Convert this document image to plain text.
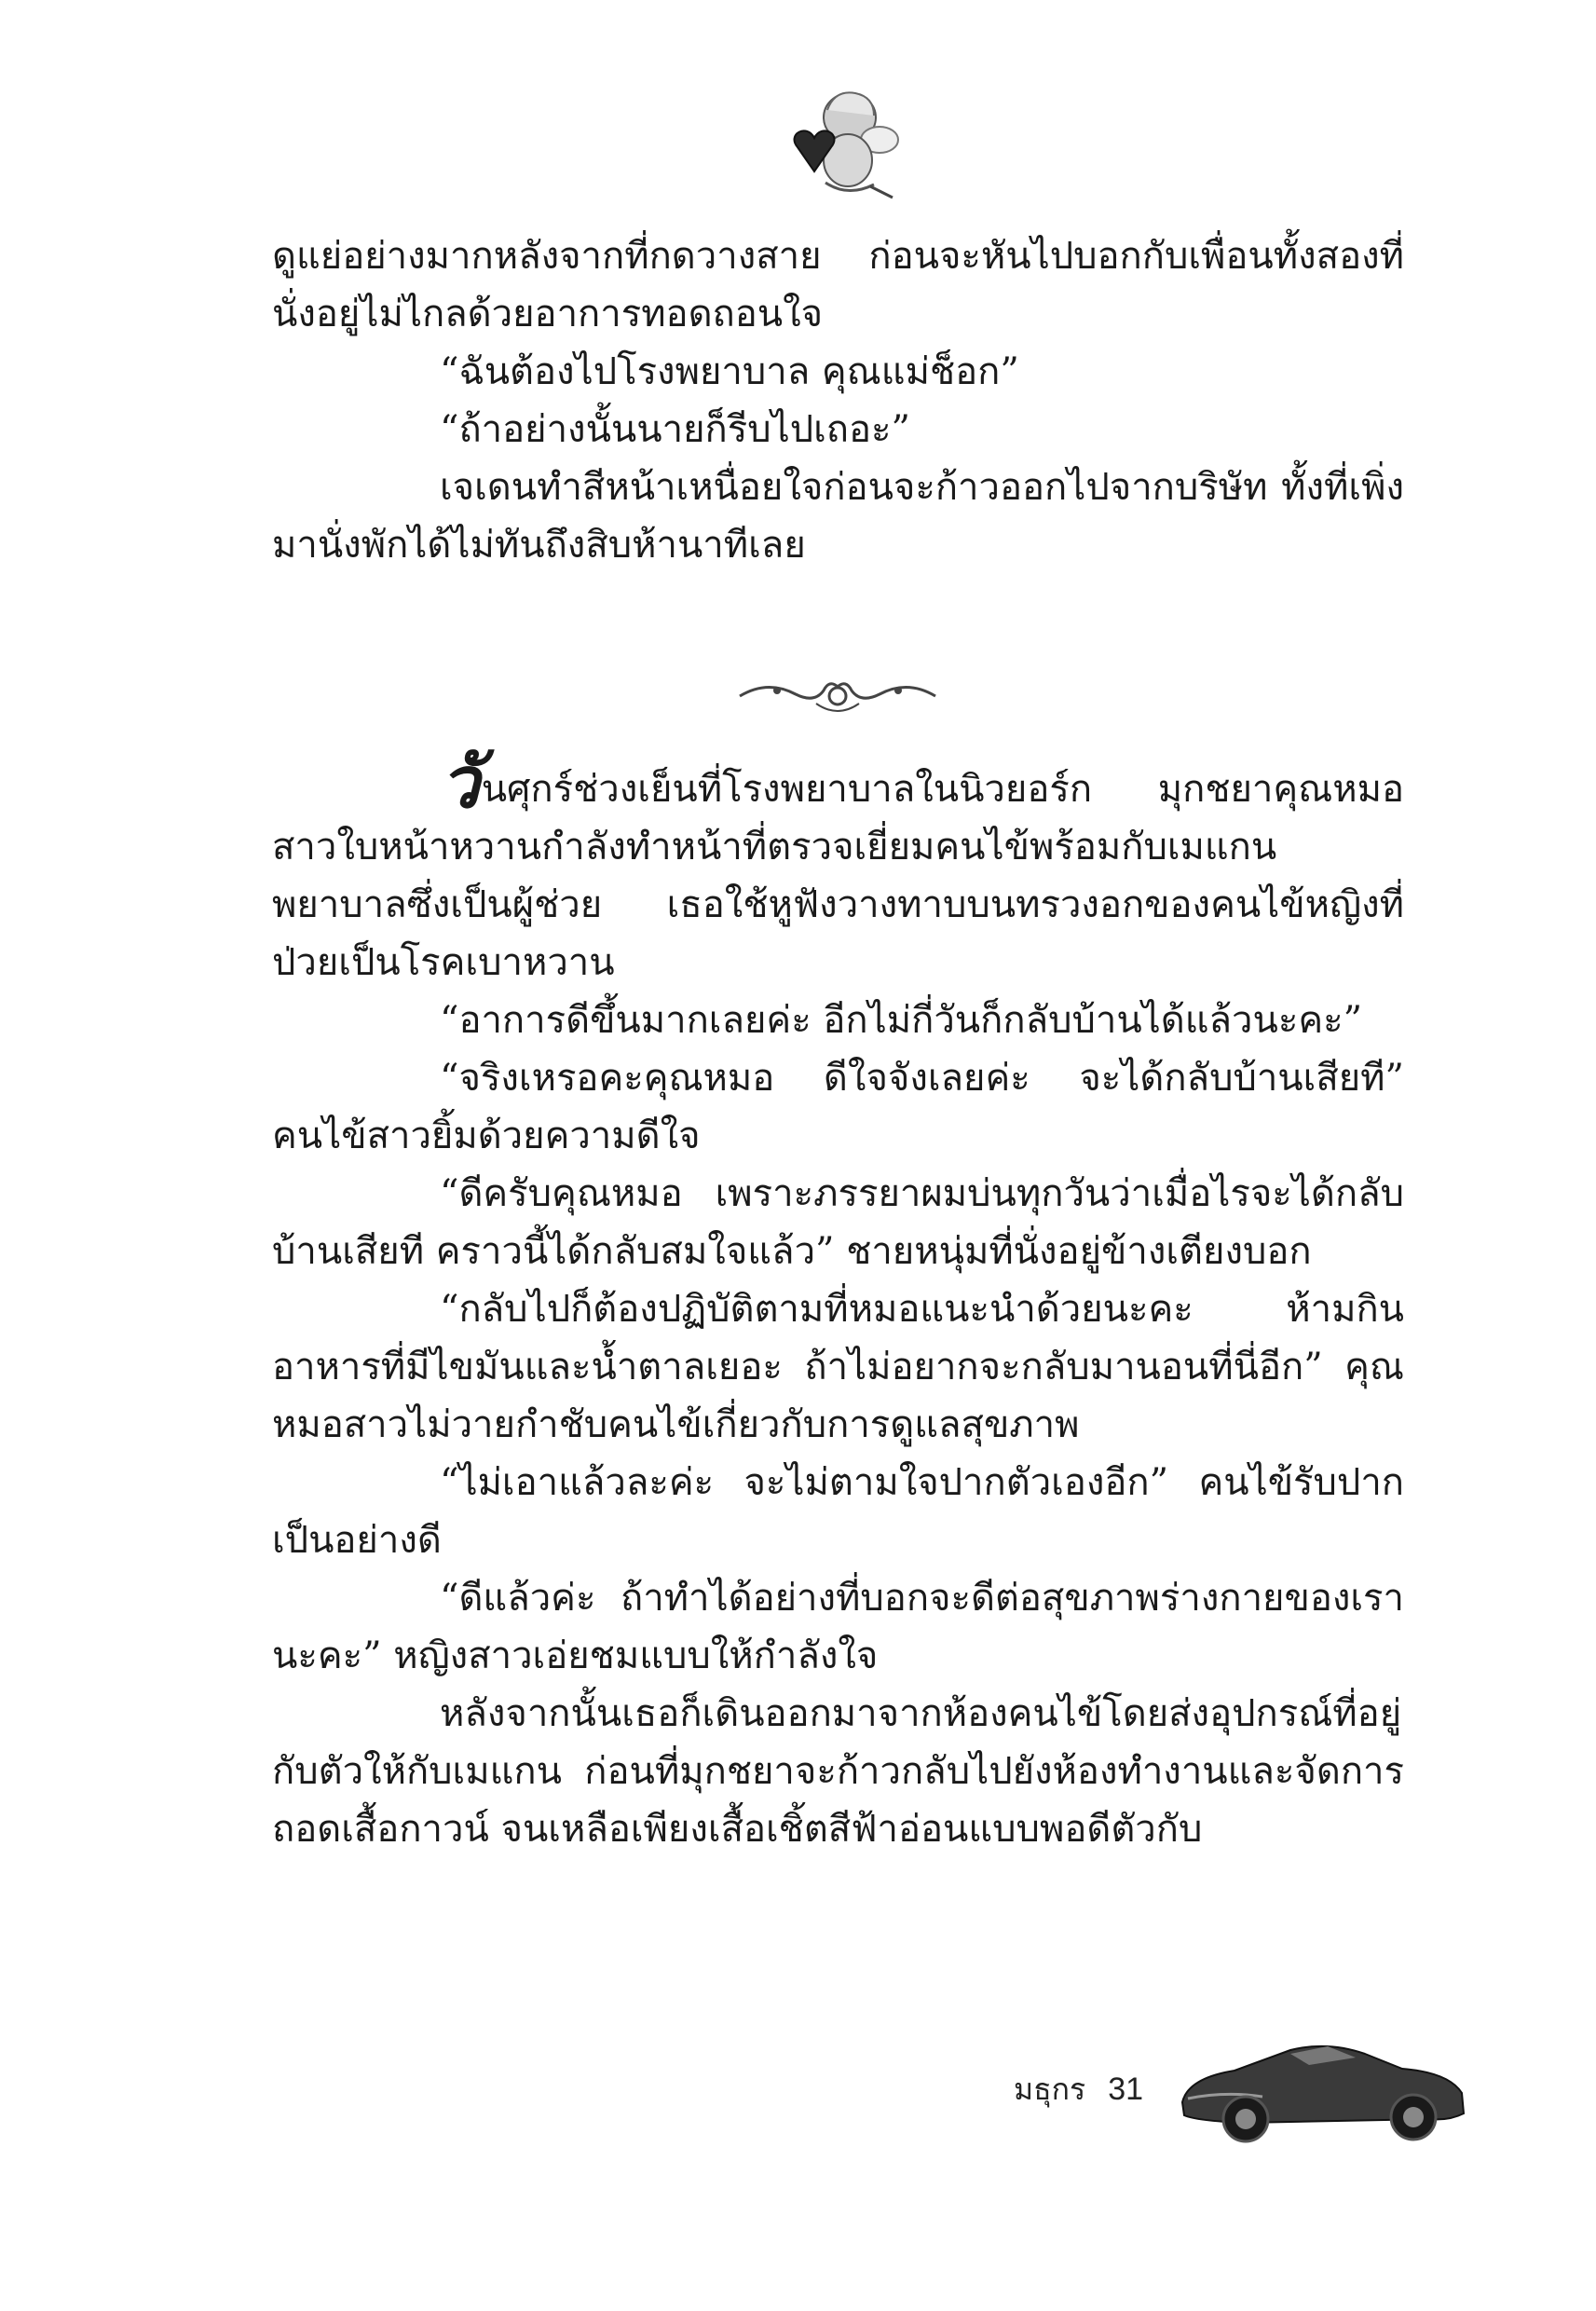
ดูแย่อย่างมากหลังจากที่กดวางสาย ก่อนจะหันไปบอกกับเพื่อนทั้งสองที่นั่งอยู่ไม่ไกลด้วยอาการทอดถอนใจ

“ฉันต้องไปโรงพยาบาล คุณแม่ช็อก”

“ถ้าอย่างนั้นนายก็รีบไปเถอะ”

เจเดนทำสีหน้าเหนื่อยใจก่อนจะก้าวออกไปจากบริษัท ทั้งที่เพิ่งมานั่งพักได้ไม่ทันถึงสิบห้านาทีเลย

วันศุกร์ช่วงเย็นที่โรงพยาบาลในนิวยอร์ก มุกชยาคุณหมอสาวใบหน้าหวานกำลังทำหน้าที่ตรวจเยี่ยมคนไข้พร้อมกับเมแกน พยาบาลซึ่งเป็นผู้ช่วย เธอใช้หูฟังวางทาบบนทรวงอกของคนไข้หญิงที่ป่วยเป็นโรคเบาหวาน

“อาการดีขึ้นมากเลยค่ะ อีกไม่กี่วันก็กลับบ้านได้แล้วนะคะ”

“จริงเหรอคะคุณหมอ ดีใจจังเลยค่ะ จะได้กลับบ้านเสียที” คนไข้สาวยิ้มด้วยความดีใจ

“ดีครับคุณหมอ เพราะภรรยาผมบ่นทุกวันว่าเมื่อไรจะได้กลับบ้านเสียที คราวนี้ได้กลับสมใจแล้ว” ชายหนุ่มที่นั่งอยู่ข้างเตียงบอก

“กลับไปก็ต้องปฏิบัติตามที่หมอแนะนำด้วยนะคะ ห้ามกินอาหารที่มีไขมันและน้ำตาลเยอะ ถ้าไม่อยากจะกลับมานอนที่นี่อีก” คุณหมอสาวไม่วายกำชับคนไข้เกี่ยวกับการดูแลสุขภาพ

“ไม่เอาแล้วละค่ะ จะไม่ตามใจปากตัวเองอีก” คนไข้รับปากเป็นอย่างดี

“ดีแล้วค่ะ ถ้าทำได้อย่างที่บอกจะดีต่อสุขภาพร่างกายของเรานะคะ” หญิงสาวเอ่ยชมแบบให้กำลังใจ

หลังจากนั้นเธอก็เดินออกมาจากห้องคนไข้โดยส่งอุปกรณ์ที่อยู่กับตัวให้กับเมแกน ก่อนที่มุกชยาจะก้าวกลับไปยังห้องทำงานและจัดการถอดเสื้อกาวน์ จนเหลือเพียงเสื้อเชิ้ตสีฟ้าอ่อนแบบพอดีตัวกับ

มธุกร 31
